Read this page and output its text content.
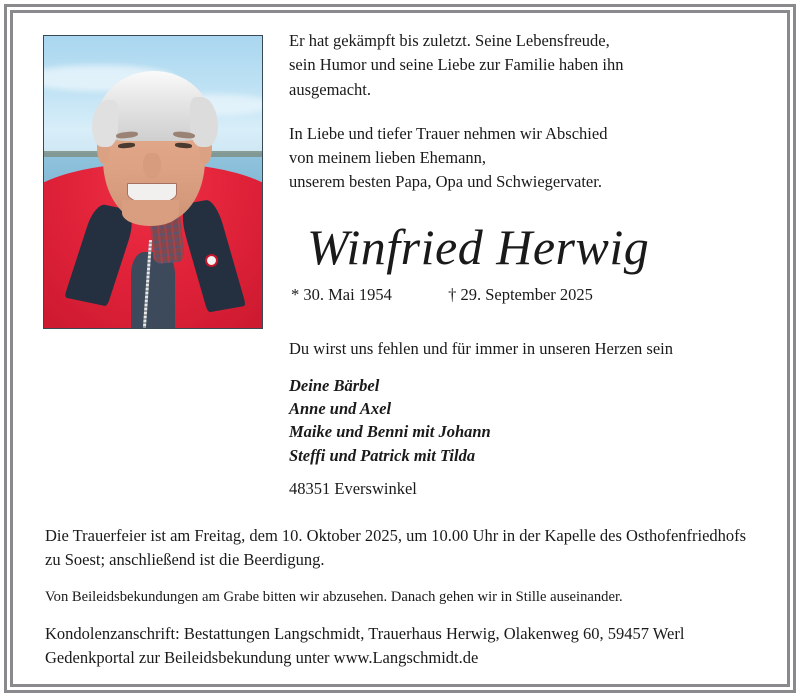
Er hat gekämpft bis zuletzt. Seine Lebensfreude,
sein Humor und seine Liebe zur Familie haben ihn
ausgemacht.

In Liebe und tiefer Trauer nehmen wir Abschied
von meinem lieben Ehemann,
unserem besten Papa, Opa und Schwiegervater.

Winfried Herwig
* 30. Mai 1954	† 29. September 2025
Du wirst uns fehlen und für immer in unseren Herzen sein
Deine Bärbel
Anne und Axel
Maike und Benni mit Johann
Steffi und Patrick mit Tilda
48351 Everswinkel

Die Trauerfeier ist am Freitag, dem 10. Oktober 2025, um 10.00 Uhr in der Kapelle des Osthofenfriedhofs zu Soest; anschließend ist die Beerdigung.

Von Beileidsbekundungen am Grabe bitten wir abzusehen. Danach gehen wir in Stille auseinander.

Kondolenzanschrift: Bestattungen Langschmidt, Trauerhaus Herwig, Olakenweg 60, 59457 Werl
Gedenkportal zur Beileidsbekundung unter www.Langschmidt.de
